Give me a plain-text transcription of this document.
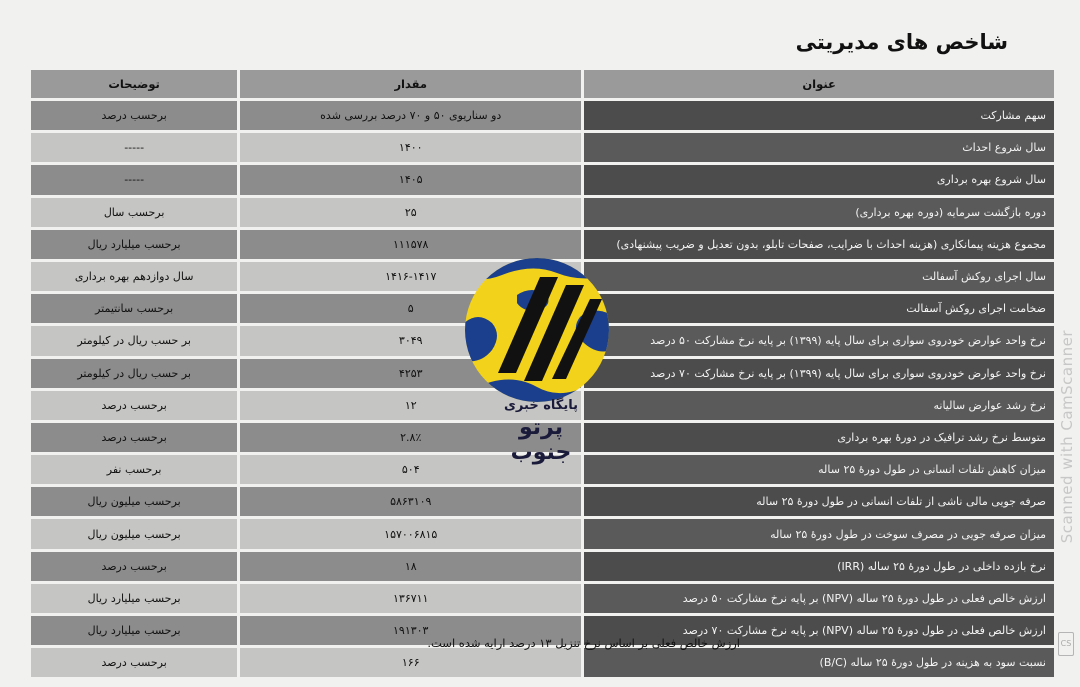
شاخص های مدیریتی
عنوان	مقدار	توضیحات
سهم مشارکت	دو سناریوی ۵۰ و ۷۰ درصد بررسی شده	برحسب درصد
سال شروع احداث	۱۴۰۰	-----
سال شروع بهره برداری	۱۴۰۵	-----
دوره بازگشت سرمایه (دوره بهره برداری)	۲۵	برحسب سال
مجموع هزینه پیمانکاری (هزینه احداث با ضرایب، صفحات تابلو، بدون تعدیل و ضریب پیشنهادی)	۱۱۱۵۷۸	برحسب میلیارد ریال
سال اجرای روکش آسفالت	۱۴۱۶-۱۴۱۷	سال دوازدهم بهره برداری
ضخامت اجرای روکش آسفالت	۵	برحسب سانتیمتر
نرخ واحد عوارض خودروی سواری برای سال پایه (۱۳۹۹) بر پایه نرخ مشارکت ۵۰ درصد	۳۰۴۹	بر حسب ریال در کیلومتر
نرخ واحد عوارض خودروی سواری برای سال پایه (۱۳۹۹) بر پایه نرخ مشارکت ۷۰ درصد	۴۲۵۳	بر حسب ریال در کیلومتر
نرخ رشد عوارض سالیانه	۱۲	برحسب درصد
متوسط نرخ رشد ترافیک در دورهٔ بهره برداری	۲.۸٪	برحسب درصد
میزان کاهش تلفات انسانی در طول دورهٔ ۲۵ ساله	۵۰۴	برحسب نفر
صرفه جویی مالی ناشی از تلفات انسانی در طول دورهٔ ۲۵ ساله	۵۸۶۳۱۰۹	برحسب میلیون ریال
میزان صرفه جویی در مصرف سوخت در طول دورهٔ ۲۵ ساله	۱۵۷۰۰۶۸۱۵	برحسب میلیون ریال
نرخ بازده داخلی در طول دورهٔ ۲۵ ساله (IRR)	۱۸	برحسب درصد
ارزش خالص فعلی در طول دورهٔ ۲۵ ساله (NPV) بر پایه نرخ مشارکت ۵۰ درصد	۱۳۶۷۱۱	برحسب میلیارد ریال
ارزش خالص فعلی در طول دورهٔ ۲۵ ساله (NPV) بر پایه نرخ مشارکت ۷۰ درصد	۱۹۱۳۰۳	برحسب میلیارد ریال
نسبت سود به هزینه در طول دورهٔ ۲۵ ساله (B/C)	۱۶۶	برحسب درصد
ارزش خالص فعلی بر اساس نرخ تنزیل ۱۳ درصد ارایه شده است.
پایگاه خبری
پرتو جنوب	Scanned with CamScanner
CS
